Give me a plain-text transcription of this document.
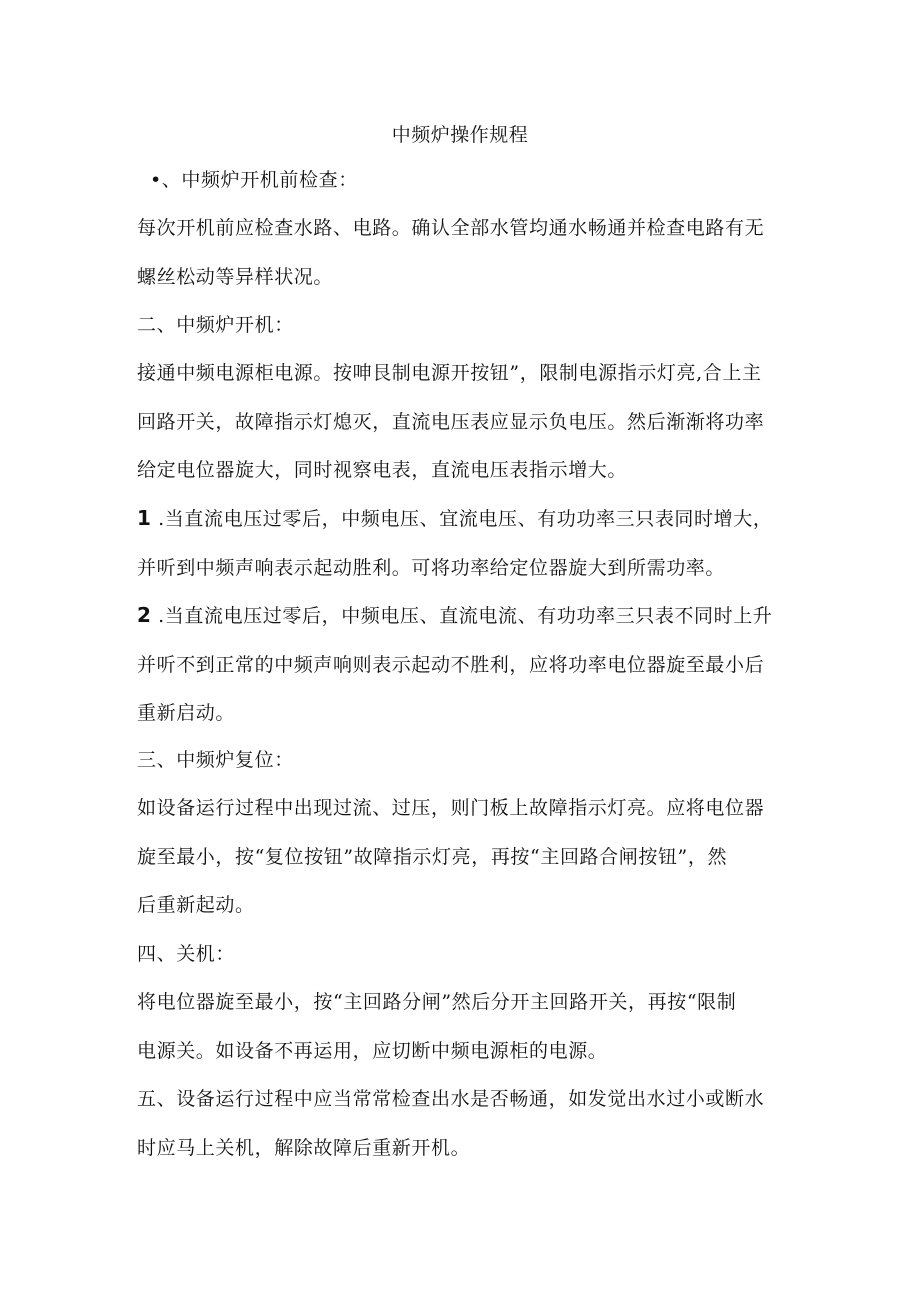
中频炉操作规程
•、中频炉开机前检查：
每次开机前应检查水路、电路。确认全部水管均通水畅通并检查电路有无
螺丝松动等异样状况。
二、中频炉开机：
接通中频电源柜电源。按呻艮制电源开按钮”，限制电源指示灯亮,合上主
回路开关，故障指示灯熄灭，直流电压表应显示负电压。然后渐渐将功率
给定电位器旋大，同时视察电表，直流电压表指示增大。
1 .当直流电压过零后，中频电压、宜流电压、有功功率三只表同时增大，
并听到中频声响表示起动胜利。可将功率给定位器旋大到所需功率。
2 .当直流电压过零后，中频电压、直流电流、有功功率三只表不同时上升
并听不到正常的中频声响则表示起动不胜利，应将功率电位器旋至最小后
重新启动。
三、中频炉复位：
如设备运行过程中出现过流、过压，则门板上故障指示灯亮。应将电位器
旋至最小，按“复位按钮”故障指示灯亮，再按“主回路合闸按钮”，然
后重新起动。
四、关机：
将电位器旋至最小，按“主回路分闸”然后分开主回路开关，再按“限制
电源关。如设备不再运用，应切断中频电源柜的电源。
五、设备运行过程中应当常常检查出水是否畅通，如发觉出水过小或断水
时应马上关机，解除故障后重新开机。
